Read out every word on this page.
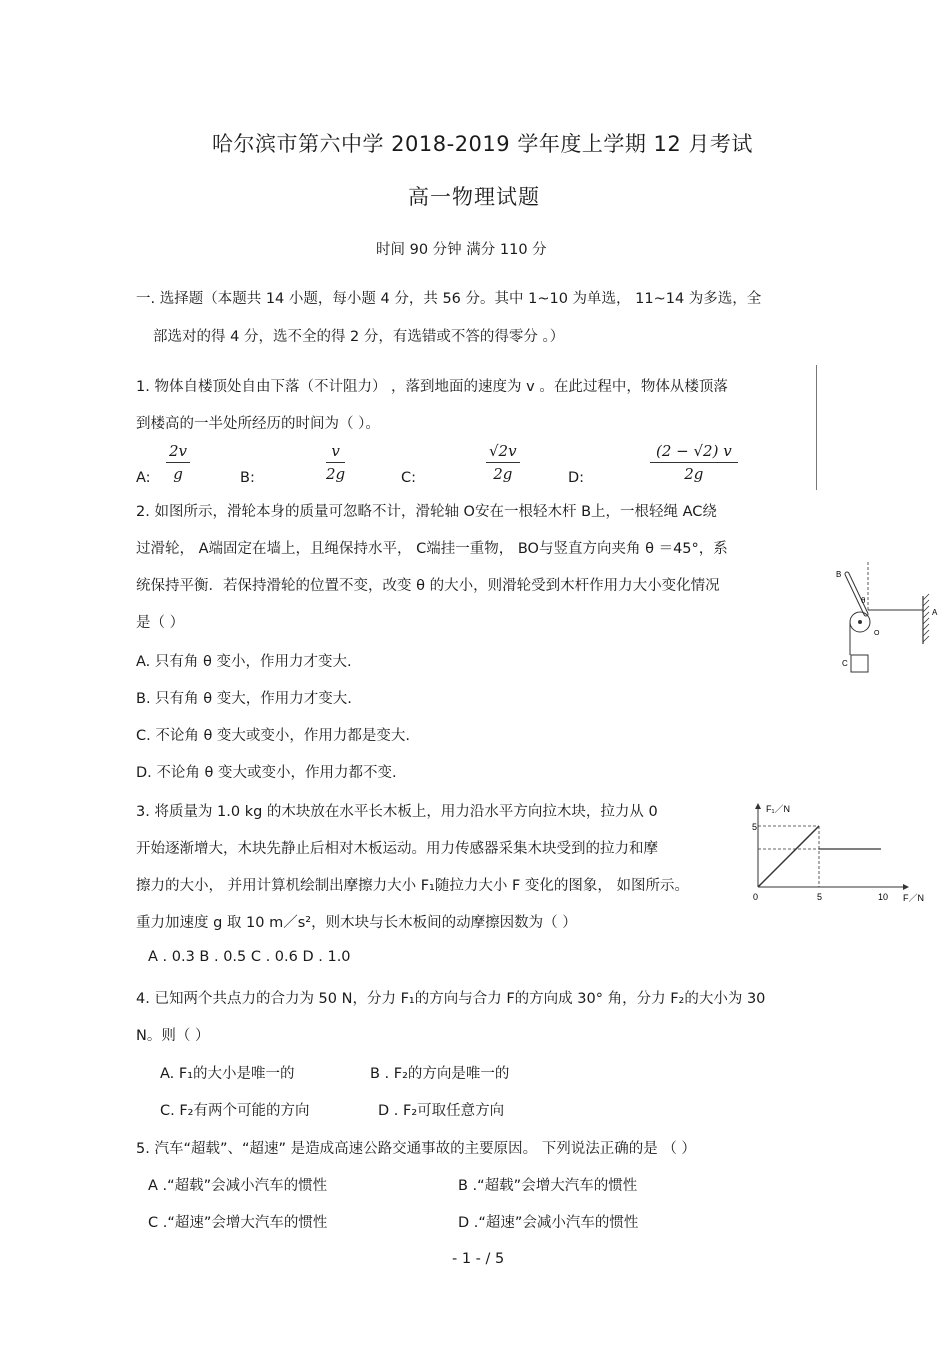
哈尔滨市第六中学 2018-2019 学年度上学期 12 月考试
高一物理试题
时间 90 分钟 满分 110 分
一. 选择题（本题共 14 小题，每小题 4 分，共 56 分。其中 1~10 为单选， 11~14 为多选，全
部选对的得 4 分，选不全的得 2 分，有选错或不答的得零分 。）
1. 物体自楼顶处自由下落（不计阻力） ，落到地面的速度为 v 。在此过程中，物体从楼顶落
到楼高的一半处所经历的时间为（ ）。
A: $\frac{2v}{g}$	B:	$\frac{v}{2g}$	C:	$\frac{√2v}{2g}$	D:	$\frac{(2 - √2) v}{2g}$
2. 如图所示，滑轮本身的质量可忽略不计，滑轮轴 O安在一根轻木杆 B上，一根轻绳 AC绕
过滑轮， A端固定在墙上，且绳保持水平， C端挂一重物， BO与竖直方向夹角 θ ＝45°，系
统保持平衡．若保持滑轮的位置不变，改变 θ 的大小，则滑轮受到木杆作用力大小变化情况
是（ ）
A. 只有角 θ 变小，作用力才变大.
B. 只有角 θ 变大，作用力才变大.
C. 不论角 θ 变大或变小，作用力都是变大.
D. 不论角 θ 变大或变小，作用力都不变.
B
θ
O
A
C
3. 将质量为 1.0 kg 的木块放在水平长木板上，用力沿水平方向拉木块，拉力从 0
开始逐渐增大，木块先静止后相对木板运动。用力传感器采集木块受到的拉力和摩
擦力的大小， 并用计算机绘制出摩擦力大小 F₁随拉力大小 F 变化的图象， 如图所示。
重力加速度 g 取 10 m／s²，则木块与长木板间的动摩擦因数为（ ）
A . 0.3 B . 0.5 C . 0.6 D . 1.0
F₁／N
F／N
0
5
5	10
4. 已知两个共点力的合力为 50 N，分力 F₁的方向与合力 F的方向成 30° 角，分力 F₂的大小为 30
N。则（ ）
A. F₁的大小是唯一的	B . F₂的方向是唯一的
C. F₂有两个可能的方向	D . F₂可取任意方向
5. 汽车“超载”、“超速” 是造成高速公路交通事故的主要原因。 下列说法正确的是 （ ）
A .“超载”会减小汽车的惯性	B .“超载”会增大汽车的惯性
C .“超速”会增大汽车的惯性	D .“超速”会减小汽车的惯性
- 1 - / 5
